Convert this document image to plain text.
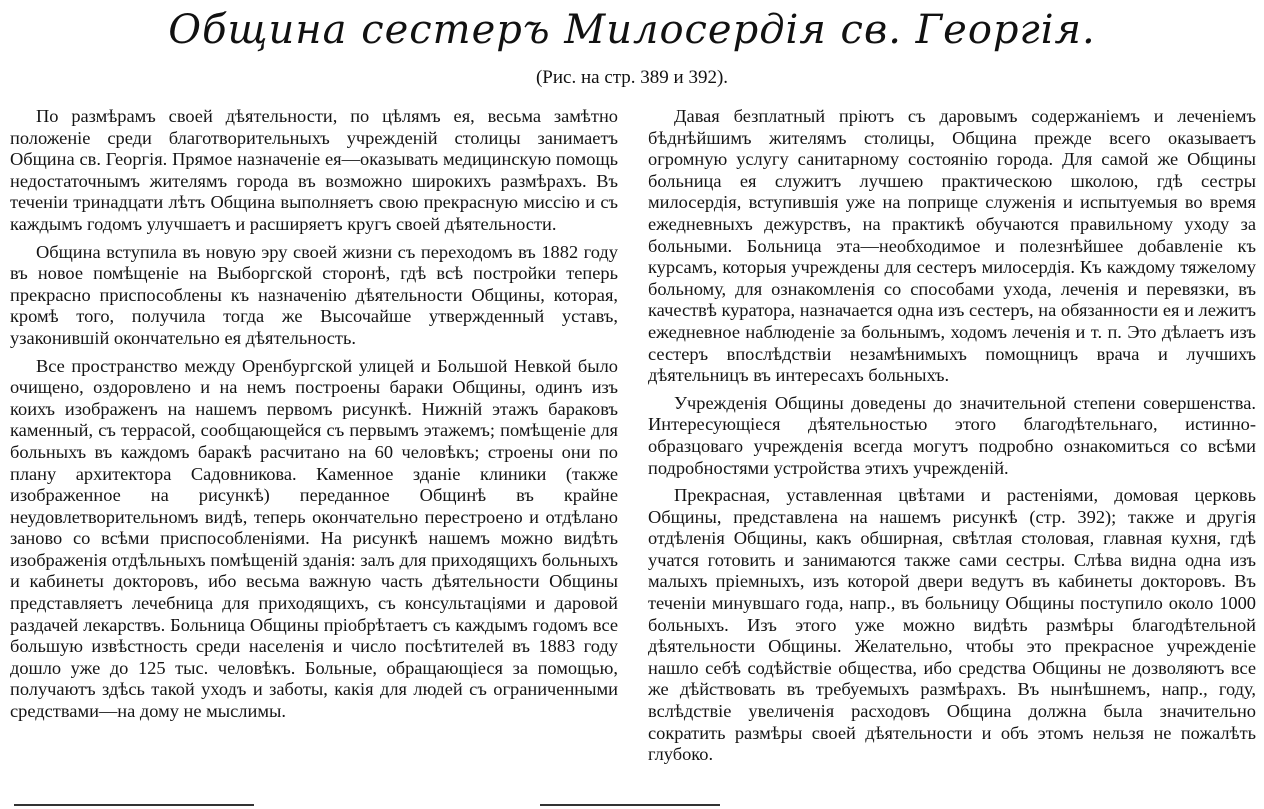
Община сестеръ Милосердія св. Георгія.
(Рис. на стр. 389 и 392).

По размѣрамъ своей дѣятельности, по цѣлямъ ея, весьма замѣтно положеніе среди благотворительныхъ учрежденій столицы занимаетъ Община св. Георгія. Прямое назначеніе ея—оказывать медицинскую помощь недостаточнымъ жителямъ города въ возможно широкихъ размѣрахъ. Въ теченіи тринадцати лѣтъ Община выполняетъ свою прекрасную миссію и съ каждымъ годомъ улучшаетъ и расширяетъ кругъ своей дѣятельности.

Община вступила въ новую эру своей жизни съ переходомъ въ 1882 году въ новое помѣщеніе на Выборгской сторонѣ, гдѣ всѣ постройки теперь прекрасно приспособлены къ назначенію дѣятельности Общины, которая, кромѣ того, получила тогда же Высочайше утвержденный уставъ, узаконившій окончательно ея дѣятельность.

Все пространство между Оренбургской улицей и Большой Невкой было очищено, оздоровлено и на немъ построены бараки Общины, одинъ изъ коихъ изображенъ на нашемъ первомъ рисункѣ. Нижній этажъ бараковъ каменный, съ террасой, сообщающейся съ первымъ этажемъ; помѣщеніе для больныхъ въ каждомъ баракѣ расчитано на 60 человѣкъ; строены они по плану архитектора Садовникова. Каменное зданіе клиники (также изображенное на рисункѣ) переданное Общинѣ въ крайне неудовлетворительномъ видѣ, теперь окончательно перестроено и отдѣлано заново со всѣми приспособленіями. На рисункѣ нашемъ можно видѣть изображенія отдѣльныхъ помѣщеній зданія: залъ для приходящихъ больныхъ и кабинеты докторовъ, ибо весьма важную часть дѣятельности Общины представляетъ лечебница для приходящихъ, съ консультаціями и даровой раздачей лекарствъ. Больница Общины пріобрѣтаетъ съ каждымъ годомъ все большую извѣстность среди населенія и число посѣтителей въ 1883 году дошло уже до 125 тыс. человѣкъ. Больные, обращающіеся за помощью, получаютъ здѣсь такой уходъ и заботы, какія для людей съ ограниченными средствами—на дому не мыслимы.

Давая безплатный пріютъ съ даровымъ содержаніемъ и леченіемъ бѣднѣйшимъ жителямъ столицы, Община прежде всего оказываетъ огромную услугу санитарному состоянію города. Для самой же Общины больница ея служитъ лучшею практическою школою, гдѣ сестры милосердія, вступившія уже на поприще служенія и испытуемыя во время ежедневныхъ дежурствъ, на практикѣ обучаются правильному уходу за больными. Больница эта—необходимое и полезнѣйшее добавленіе къ курсамъ, которыя учреждены для сестеръ милосердія. Къ каждому тяжелому больному, для ознакомленія со способами ухода, леченія и перевязки, въ качествѣ куратора, назначается одна изъ сестеръ, на обязанности ея и лежитъ ежедневное наблюденіе за больнымъ, ходомъ леченія и т. п. Это дѣлаетъ изъ сестеръ впослѣдствіи незамѣнимыхъ помощницъ врача и лучшихъ дѣятельницъ въ интересахъ больныхъ.

Учрежденія Общины доведены до значительной степени совершенства. Интересующіеся дѣятельностью этого благодѣтельнаго, истинно-образцоваго учрежденія всегда могутъ подробно ознакомиться со всѣми подробностями устройства этихъ учрежденій.

Прекрасная, уставленная цвѣтами и растеніями, домовая церковь Общины, представлена на нашемъ рисункѣ (стр. 392); также и другія отдѣленія Общины, какъ обширная, свѣтлая столовая, главная кухня, гдѣ учатся готовить и занимаются также сами сестры. Слѣва видна одна изъ малыхъ пріемныхъ, изъ которой двери ведутъ въ кабинеты докторовъ. Въ теченіи минувшаго года, напр., въ больницу Общины поступило около 1000 больныхъ. Изъ этого уже можно видѣть размѣры благодѣтельной дѣятельности Общины. Желательно, чтобы это прекрасное учрежденіе нашло себѣ содѣйствіе общества, ибо средства Общины не дозволяютъ все же дѣйствовать въ требуемыхъ размѣрахъ. Въ нынѣшнемъ, напр., году, вслѣдствіе увеличенія расходовъ Община должна была значительно сократить размѣры своей дѣятельности и объ этомъ нельзя не пожалѣть глубоко.
